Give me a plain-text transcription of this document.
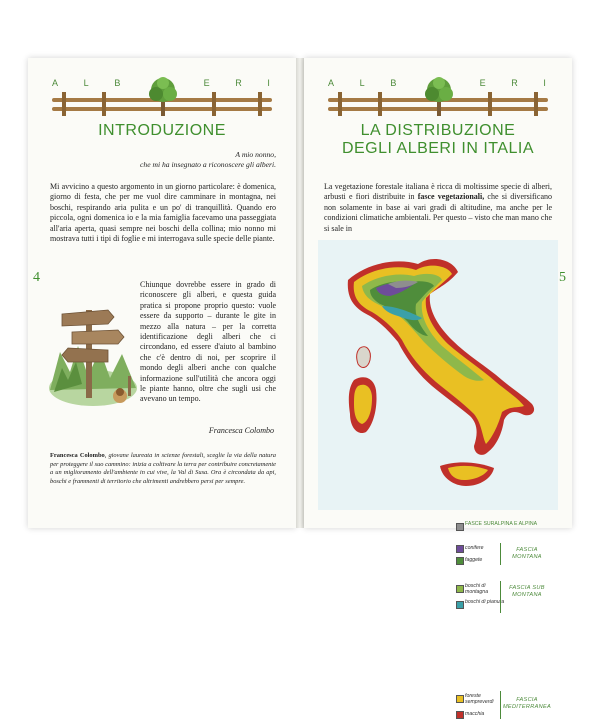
A	L	B	E	R	I
INTRODUZIONE
A mio nonno,
che mi ha insegnato a riconoscere gli alberi.
Mi avvicino a questo argomento in un giorno particolare: è domenica, giorno di festa, che per me vuol dire camminare in montagna, nei boschi, respirando aria pulita e un po' di tranquillità. Quando ero piccola, ogni domenica io e la mia famiglia facevamo una passeggiata all'aria aperta, quasi sempre nei boschi della collina; mio nonno mi mostrava tutti i tipi di foglie e mi interrogava sulle specie delle piante.
Chiunque dovrebbe essere in grado di riconoscere gli alberi, e questa guida pratica si propone proprio questo: vuole essere da supporto – durante le gite in mezzo alla natura – per la corretta identificazione degli alberi che ci circondano, ed essere d'aiuto al bambino che c'è dentro di noi, per scoprire il mondo degli alberi anche con qualche informazione sull'utilità che ancora oggi le piante hanno, oltre che sugli usi che avevano un tempo.
Francesca Colombo
Francesca Colombo, giovane laureata in scienze forestali, sceglie la via della natura per proteggere il suo cammino: inizia a coltivare la terra per contribuire concretamente a un miglioramento dell'ambiente in cui vive, la Val di Susa. Ora è circondata da api, boschi e frammenti di territorio che altrimenti andrebbero persi per sempre.
4
A	L	B	E	R	I
LA DISTRIBUZIONE
DEGLI ALBERI IN ITALIA
La vegetazione forestale italiana è ricca di moltissime specie di alberi, arbusti e fiori distribuite in fasce vegetazionali, che si diversificano non solamente in base ai vari gradi di altitudine, ma anche per le condizioni climatiche ambientali. Per questo – visto che man mano che si sale in
FASCE SURALPINA E ALPINA
conifere
faggete
FASCIA MONTANA
boschi di montagna
boschi di pianura
FASCIA SUB MONTANA
foreste sempreverdi
macchia
FASCIA MEDITERRANEA
5
